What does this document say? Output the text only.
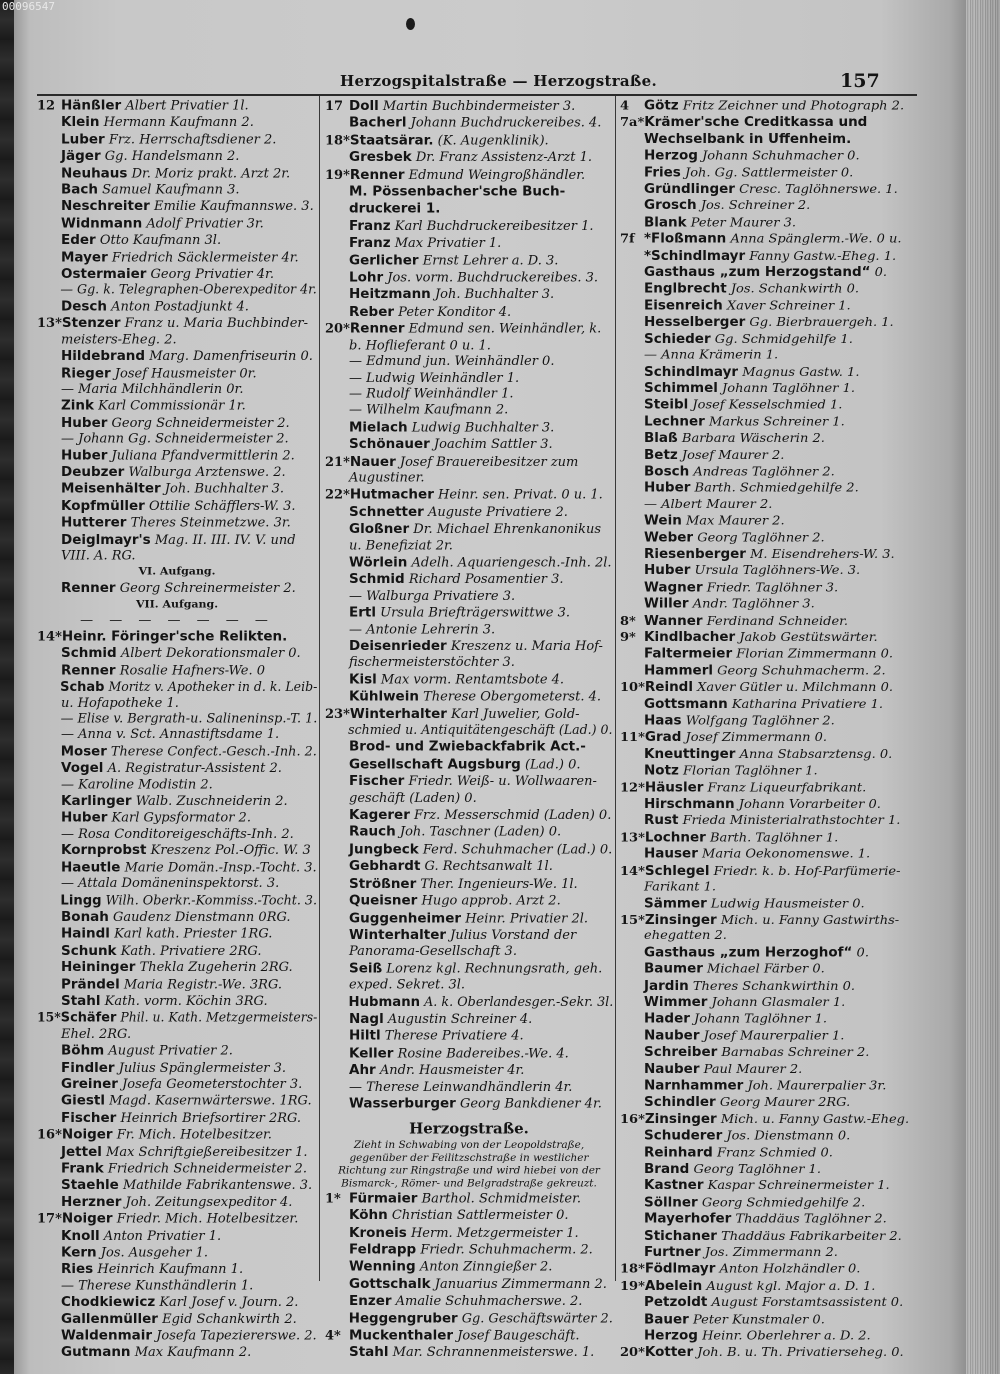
00096547
Herzogspitalstraße — Herzogstraße.	157
12 Hänßler Albert Privatier 1l.
Klein Hermann Kaufmann 2.
Luber Frz. Herrschaftsdiener 2.
Jäger Gg. Handelsmann 2.
Neuhaus Dr. Moriz prakt. Arzt 2r.
Bach Samuel Kaufmann 3.
Neschreiter Emilie Kaufmannswe. 3.
Widnmann Adolf Privatier 3r.
Eder Otto Kaufmann 3l.
Mayer Friedrich Säcklermeister 4r.
Ostermaier Georg Privatier 4r.
— Gg. k. Telegraphen-Oberexpeditor 4r.
Desch Anton Postadjunkt 4.
13*Stenzer Franz u. Maria Buchbinder-
meisters-Eheg. 2.
Hildebrand Marg. Damenfriseurin 0.
Rieger Josef Hausmeister 0r.
— Maria Milchhändlerin 0r.
Zink Karl Commissionär 1r.
Huber Georg Schneidermeister 2.
— Johann Gg. Schneidermeister 2.
Huber Juliana Pfandvermittlerin 2.
Deubzer Walburga Arztenswe. 2.
Meisenhälter Joh. Buchhalter 3.
Kopfmüller Ottilie Schäfflers-W. 3.
Hutterer Theres Steinmetzwe. 3r.
Deiglmayr's Mag. II. III. IV. V. und
VIII. A. RG.
VI. Aufgang.
Renner Georg Schreinermeister 2.
VII. Aufgang.
— — — — — — —
14*Heinr. Föringer'sche Relikten.
Schmid Albert Dekorationsmaler 0.
Renner Rosalie Hafners-We. 0
Schab Moritz v. Apotheker in d. k. Leib-
u. Hofapotheke 1.
— Elise v. Bergrath-u. Salineninsp.-T. 1.
— Anna v. Sct. Annastiftsdame 1.
Moser Therese Confect.-Gesch.-Inh. 2.
Vogel A. Registratur-Assistent 2.
— Karoline Modistin 2.
Karlinger Walb. Zuschneiderin 2.
Huber Karl Gypsformator 2.
— Rosa Conditoreigeschäfts-Inh. 2.
Kornprobst Kreszenz Pol.-Offic. W. 3
Haeutle Marie Domän.-Insp.-Tocht. 3.
— Attala Domäneninspektorst. 3.
Lingg Wilh. Oberkr.-Kommiss.-Tocht. 3.
Bonah Gaudenz Dienstmann 0RG.
Haindl Karl kath. Priester 1RG.
Schunk Kath. Privatiere 2RG.
Heininger Thekla Zugeherin 2RG.
Prändel Maria Registr.-We. 3RG.
Stahl Kath. vorm. Köchin 3RG.
15*Schäfer Phil. u. Kath. Metzgermeisters-
Ehel. 2RG.
Böhm August Privatier 2.
Findler Julius Spänglermeister 3.
Greiner Josefa Geometerstochter 3.
Giestl Magd. Kasernwärterswe. 1RG.
Fischer Heinrich Briefsortirer 2RG.
16*Noiger Fr. Mich. Hotelbesitzer.
Jettel Max Schriftgießereibesitzer 1.
Frank Friedrich Schneidermeister 2.
Staehle Mathilde Fabrikantenswe. 3.
Herzner Joh. Zeitungsexpeditor 4.
17*Noiger Friedr. Mich. Hotelbesitzer.
Knoll Anton Privatier 1.
Kern Jos. Ausgeher 1.
Ries Heinrich Kaufmann 1.
— Therese Kunsthändlerin 1.
Chodkiewicz Karl Josef v. Journ. 2.
Gallenmüller Egid Schankwirth 2.
Waldenmair Josefa Tapeziererswe. 2.
Gutmann Max Kaufmann 2.
17 Doll Martin Buchbindermeister 3.
Bacherl Johann Buchdruckereibes. 4.
18*Staatsärar. (K. Augenklinik).
Gresbek Dr. Franz Assistenz-Arzt 1.
19*Renner Edmund Weingroßhändler.
M. Pössenbacher'sche Buch-
druckerei 1.
Franz Karl Buchdruckereibesitzer 1.
Franz Max Privatier 1.
Gerlicher Ernst Lehrer a. D. 3.
Lohr Jos. vorm. Buchdruckereibes. 3.
Heitzmann Joh. Buchhalter 3.
Reber Peter Konditor 4.
20*Renner Edmund sen. Weinhändler, k.
b. Hoflieferant 0 u. 1.
— Edmund jun. Weinhändler 0.
— Ludwig Weinhändler 1.
— Rudolf Weinhändler 1.
— Wilhelm Kaufmann 2.
Mielach Ludwig Buchhalter 3.
Schönauer Joachim Sattler 3.
21*Nauer Josef Brauereibesitzer zum
Augustiner.
22*Hutmacher Heinr. sen. Privat. 0 u. 1.
Schnetter Auguste Privatiere 2.
Gloßner Dr. Michael Ehrenkanonikus
u. Benefiziat 2r.
Wörlein Adelh. Aquariengesch.-Inh. 2l.
Schmid Richard Posamentier 3.
— Walburga Privatiere 3.
Ertl Ursula Briefträgerswittwe 3.
— Antonie Lehrerin 3.
Deisenrieder Kreszenz u. Maria Hof-
fischermeisterstöchter 3.
Kisl Max vorm. Rentamtsbote 4.
Kühlwein Therese Obergometerst. 4.
23*Winterhalter Karl Juwelier, Gold-
schmied u. Antiquitätengeschäft (Lad.) 0.
Brod- und Zwiebackfabrik Act.-
Gesellschaft Augsburg (Lad.) 0.
Fischer Friedr. Weiß- u. Wollwaaren-
geschäft (Laden) 0.
Kagerer Frz. Messerschmid (Laden) 0.
Rauch Joh. Taschner (Laden) 0.
Jungbeck Ferd. Schuhmacher (Lad.) 0.
Gebhardt G. Rechtsanwalt 1l.
Strößner Ther. Ingenieurs-We. 1l.
Queisner Hugo approb. Arzt 2.
Guggenheimer Heinr. Privatier 2l.
Winterhalter Julius Vorstand der
Panorama-Gesellschaft 3.
Seiß Lorenz kgl. Rechnungsrath, geh.
exped. Sekret. 3l.
Hubmann A. k. Oberlandesger.-Sekr. 3l.
Nagl Augustin Schreiner 4.
Hiltl Therese Privatiere 4.
Keller Rosine Badereibes.-We. 4.
Ahr Andr. Hausmeister 4r.
— Therese Leinwandhändlerin 4r.
Wasserburger Georg Bankdiener 4r.
Herzogstraße.
Zieht in Schwabing von der Leopoldstraße, gegenüber der Feilitzschstraße in westlicher Richtung zur Ringstraße und wird hiebei von der Bismarck-, Römer- und Belgradstraße gekreuzt.
1* Fürmaier Barthol. Schmidmeister.
Köhn Christian Sattlermeister 0.
Kroneis Herm. Metzgermeister 1.
Feldrapp Friedr. Schuhmacherm. 2.
Wenning Anton Zinngießer 2.
Gottschalk Januarius Zimmermann 2.
Enzer Amalie Schuhmacherswe. 2.
Heggengruber Gg. Geschäftswärter 2.
4* Muckenthaler Josef Baugeschäft.
Stahl Mar. Schrannenmeisterswe. 1.
4 Götz Fritz Zeichner und Photograph 2.
7a*Krämer'sche Creditkassa und
Wechselbank in Uffenheim.
Herzog Johann Schuhmacher 0.
Fries Joh. Gg. Sattlermeister 0.
Gründlinger Cresc. Taglöhnerswe. 1.
Grosch Jos. Schreiner 2.
Blank Peter Maurer 3.
7f *Floßmann Anna Spänglerm.-We. 0 u.
*Schindlmayr Fanny Gastw.-Eheg. 1.
Gasthaus „zum Herzogstand“ 0.
Englbrecht Jos. Schankwirth 0.
Eisenreich Xaver Schreiner 1.
Hesselberger Gg. Bierbrauergeh. 1.
Schieder Gg. Schmidgehilfe 1.
— Anna Krämerin 1.
Schindlmayr Magnus Gastw. 1.
Schimmel Johann Taglöhner 1.
Steibl Josef Kesselschmied 1.
Lechner Markus Schreiner 1.
Blaß Barbara Wäscherin 2.
Betz Josef Maurer 2.
Bosch Andreas Taglöhner 2.
Huber Barth. Schmiedgehilfe 2.
— Albert Maurer 2.
Wein Max Maurer 2.
Weber Georg Taglöhner 2.
Riesenberger M. Eisendrehers-W. 3.
Huber Ursula Taglöhners-We. 3.
Wagner Friedr. Taglöhner 3.
Willer Andr. Taglöhner 3.
8* Wanner Ferdinand Schneider.
9* Kindlbacher Jakob Gestütswärter.
Faltermeier Florian Zimmermann 0.
Hammerl Georg Schuhmacherm. 2.
10*Reindl Xaver Gütler u. Milchmann 0.
Gottsmann Katharina Privatiere 1.
Haas Wolfgang Taglöhner 2.
11*Grad Josef Zimmermann 0.
Kneuttinger Anna Stabsarztensg. 0.
Notz Florian Taglöhner 1.
12*Häusler Franz Liqueurfabrikant.
Hirschmann Johann Vorarbeiter 0.
Rust Frieda Ministerialrathstochter 1.
13*Lochner Barth. Taglöhner 1.
Hauser Maria Oekonomenswe. 1.
14*Schlegel Friedr. k. b. Hof-Parfümerie-
Farikant 1.
Sämmer Ludwig Hausmeister 0.
15*Zinsinger Mich. u. Fanny Gastwirths-
ehegatten 2.
Gasthaus „zum Herzoghof“ 0.
Baumer Michael Färber 0.
Jardin Theres Schankwirthin 0.
Wimmer Johann Glasmaler 1.
Hader Johann Taglöhner 1.
Nauber Josef Maurerpalier 1.
Schreiber Barnabas Schreiner 2.
Nauber Paul Maurer 2.
Narnhammer Joh. Maurerpalier 3r.
Schindler Georg Maurer 2RG.
16*Zinsinger Mich. u. Fanny Gastw.-Eheg.
Schuderer Jos. Dienstmann 0.
Reinhard Franz Schmied 0.
Brand Georg Taglöhner 1.
Kastner Kaspar Schreinermeister 1.
Söllner Georg Schmiedgehilfe 2.
Mayerhofer Thaddäus Taglöhner 2.
Stichaner Thaddäus Fabrikarbeiter 2.
Furtner Jos. Zimmermann 2.
18*Födlmayr Anton Holzhändler 0.
19*Abelein August kgl. Major a. D. 1.
Petzoldt August Forstamtsassistent 0.
Bauer Peter Kunstmaler 0.
Herzog Heinr. Oberlehrer a. D. 2.
20*Kotter Joh. B. u. Th. Privatierseheg. 0.
